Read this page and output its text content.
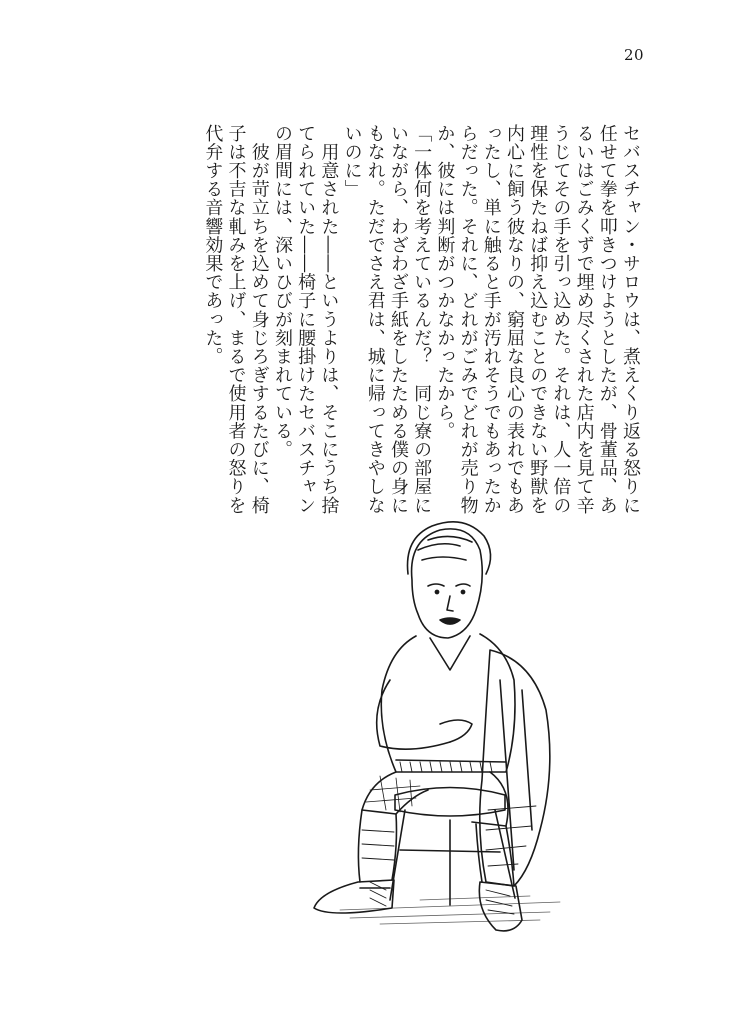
20

セバスチャン・サロウは、煮えくり返る怒りに任せて拳を叩きつけようとしたが、骨董品、あるいはごみくずで埋め尽くされた店内を見て辛うじてその手を引っ込めた。それは、人一倍の理性を保たねば抑え込むことのできない野獣を内心に飼う彼なりの、窮屈な良心の表れでもあったし、単に触ると手が汚れそうでもあったからだった。それに、どれがごみでどれが売り物か、彼には判断がつかなかったから。

「一体何を考えているんだ？　同じ寮の部屋にいながら、わざわざ手紙をしたためる僕の身にもなれ。ただでさえ君は、城に帰ってきやしないのに」

　用意された――というよりは、そこにうち捨てられていた――椅子に腰掛けたセバスチャンの眉間には、深いひびが刻まれている。

　彼が苛立ちを込めて身じろぎするたびに、椅子は不吉な軋みを上げ、まるで使用者の怒りを代弁する音響効果であった。
